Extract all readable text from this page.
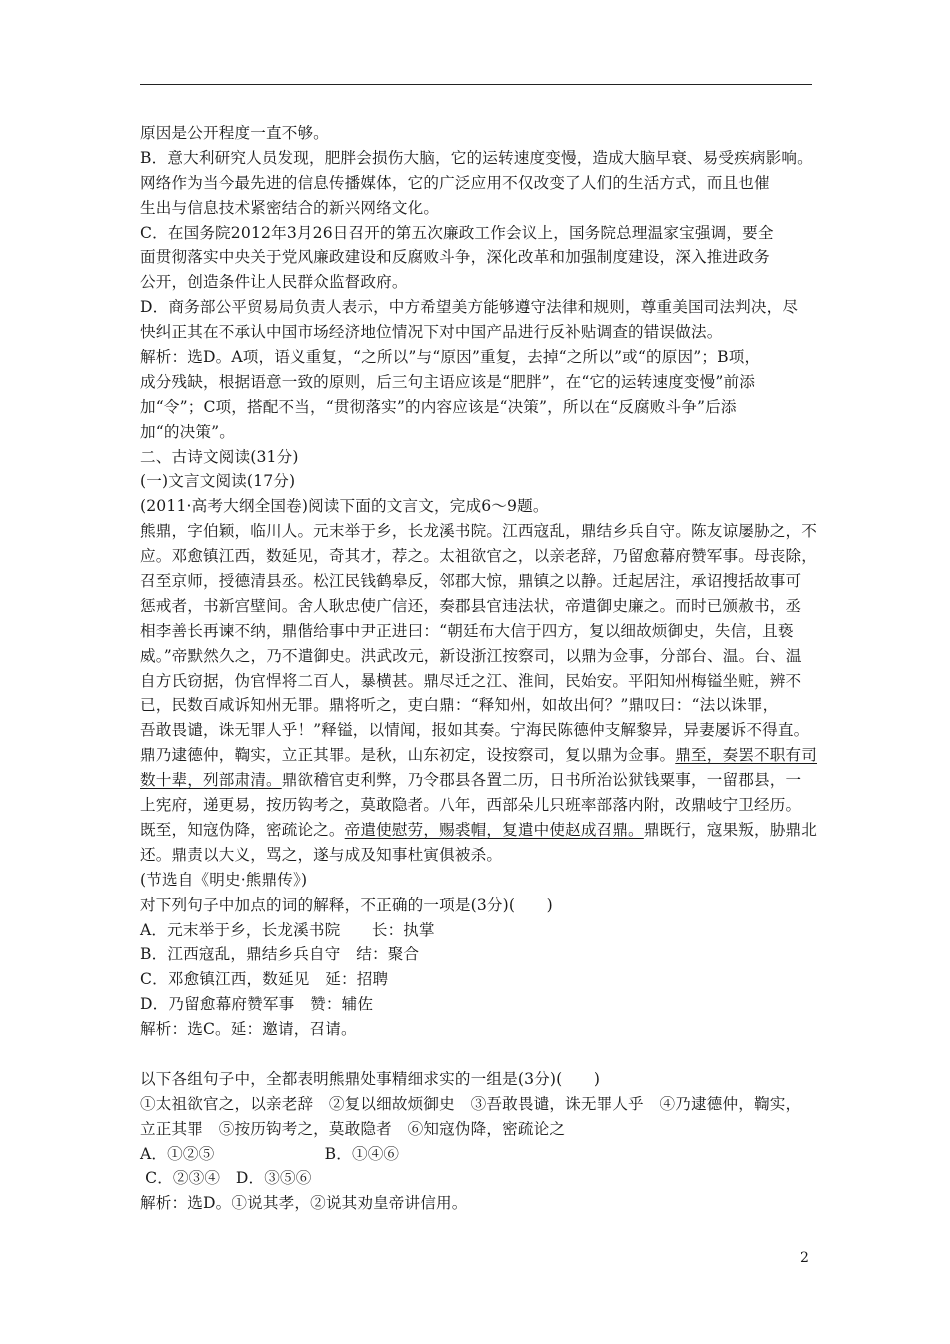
原因是公开程度一直不够。
B．意大利研究人员发现，肥胖会损伤大脑，它的运转速度变慢，造成大脑早衰、易受疾病影响。
网络作为当今最先进的信息传播媒体，它的广泛应用不仅改变了人们的生活方式，而且也催
生出与信息技术紧密结合的新兴网络文化。
C．在国务院2012年3月26日召开的第五次廉政工作会议上，国务院总理温家宝强调，要全
面贯彻落实中央关于党风廉政建设和反腐败斗争，深化改革和加强制度建设，深入推进政务
公开，创造条件让人民群众监督政府。
D．商务部公平贸易局负责人表示，中方希望美方能够遵守法律和规则，尊重美国司法判决，尽
快纠正其在不承认中国市场经济地位情况下对中国产品进行反补贴调查的错误做法。
解析：选D。A项，语义重复，“之所以”与“原因”重复，去掉“之所以”或“的原因”；B项，
成分残缺，根据语意一致的原则，后三句主语应该是“肥胖”，在“它的运转速度变慢”前添
加“令”；C项，搭配不当，“贯彻落实”的内容应该是“决策”，所以在“反腐败斗争”后添
加“的决策”。
二、古诗文阅读(31分)
(一)文言文阅读(17分)
(2011·高考大纲全国卷)阅读下面的文言文，完成6～9题。
熊鼎，字伯颖，临川人。元末举于乡，长龙溪书院。江西寇乱，鼎结乡兵自守。陈友谅屡胁之，不
应。邓愈镇江西，数延见，奇其才，荐之。太祖欲官之，以亲老辞，乃留愈幕府赞军事。母丧除，
召至京师，授德清县丞。松江民钱鹤皋反，邻郡大惊，鼎镇之以静。迁起居注，承诏搜括故事可
惩戒者，书新宫壁间。舍人耿忠使广信还，奏郡县官违法状，帝遣御史廉之。而时已颁赦书，丞
相李善长再谏不纳，鼎偕给事中尹正进曰：“朝廷布大信于四方，复以细故烦御史，失信，且亵
威。”帝默然久之，乃不遣御史。洪武改元，新设浙江按察司，以鼎为佥事，分部台、温。台、温
自方氏窃据，伪官悍将二百人，暴横甚。鼎尽迁之江、淮间，民始安。平阳知州梅镒坐赃，辨不
已，民数百咸诉知州无罪。鼎将听之，吏白鼎：“释知州，如故出何？”鼎叹曰：“法以诛罪，
吾敢畏谴，诛无罪人乎！”释镒，以情闻，报如其奏。宁海民陈德仲支解黎异，异妻屡诉不得直。
鼎乃逮德仲，鞫实，立正其罪。是秋，山东初定，设按察司，复以鼎为佥事。鼎至，奏罢不职有司
数十辈，列部肃清。鼎欲稽官吏利弊，乃令郡县各置二历，日书所治讼狱钱粟事，一留郡县，一
上宪府，递更易，按历钩考之，莫敢隐者。八年，西部朵儿只班率部落内附，改鼎岐宁卫经历。
既至，知寇伪降，密疏论之。帝遣使慰劳，赐裘帽，复遣中使赵成召鼎。鼎既行，寇果叛，胁鼎北
还。鼎责以大义，骂之，遂与成及知事杜寅俱被杀。
(节选自《明史·熊鼎传》)
对下列句子中加点的词的解释，不正确的一项是(3分)(　　)
A．元末举于乡，长龙溪书院　　长：执掌
B．江西寇乱，鼎结乡兵自守　结：聚合
C．邓愈镇江西，数延见　延：招聘
D．乃留愈幕府赞军事　赞：辅佐
解析：选C。延：邀请，召请。
以下各组句子中，全都表明熊鼎处事精细求实的一组是(3分)(　　)
①太祖欲官之，以亲老辞　②复以细故烦御史　③吾敢畏谴，诛无罪人乎　④乃逮德仲，鞫实，
立正其罪　⑤按历钩考之，莫敢隐者　⑥知寇伪降，密疏论之
A．①②⑤　　　　　　　B．①④⑥
C．②③④　D．③⑤⑥
解析：选D。①说其孝，②说其劝皇帝讲信用。
2
